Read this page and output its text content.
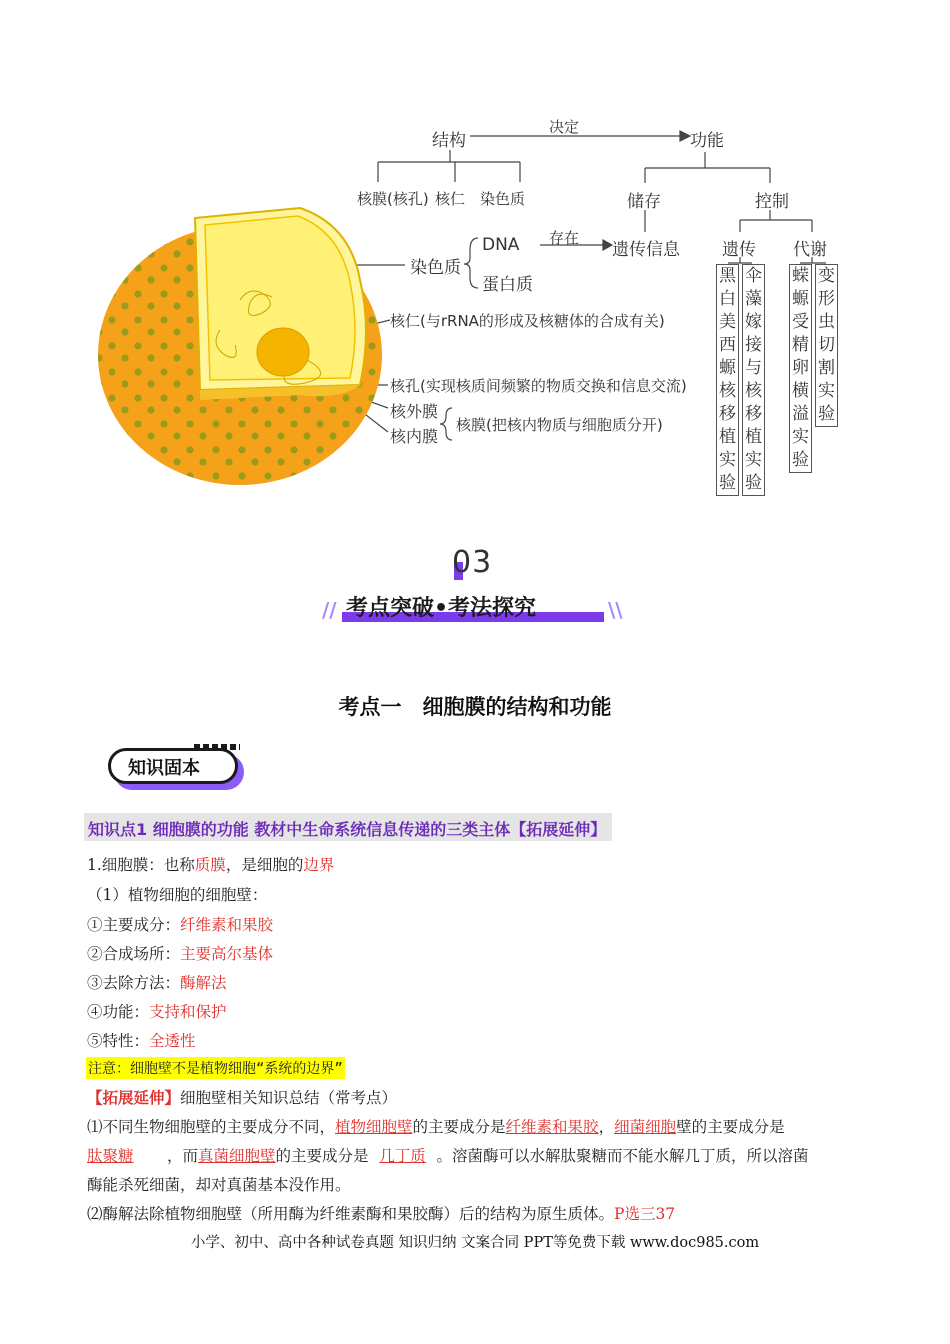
结构
决定
功能
核膜(核孔) 核仁 染色质	储存	控制
染色质
DNA
蛋白质
存在
遗传信息 遗传 代谢
核仁(与rRNA的形成及核糖体的合成有关)
核孔(实现核质间频繁的物质交换和信息交流)
核外膜
核内膜
核膜(把核内物质与细胞质分开)
黑
白
美
西
螈
核
移
植
实
验
伞
藻
嫁
接
与
核
移
植
实
验
蝾
螈
受
精
卵
横
溢
实
验
变
形
虫
切
割
实
验
03
//	\\
考点突破•考法探究
考点一　细胞膜的结构和功能
知识固本
知识点1 细胞膜的功能 教材中生命系统信息传递的三类主体【拓展延伸】
1.细胞膜：也称质膜，是细胞的边界
（1）植物细胞的细胞壁：
①主要成分：纤维素和果胶
②合成场所：主要高尔基体
③去除方法：酶解法
④功能：支持和保护
⑤特性：全透性
注意：细胞壁不是植物细胞“系统的边界”
【拓展延伸】细胞壁相关知识总结（常考点）
⑴不同生物细胞壁的主要成分不同，植物细胞壁的主要成分是纤维素和果胶，细菌细胞壁的主要成分是
肽聚糖 ，而真菌细胞壁的主要成分是 几丁质 。溶菌酶可以水解肽聚糖而不能水解几丁质，所以溶菌
酶能杀死细菌，却对真菌基本没作用。
⑵酶解法除植物细胞壁（所用酶为纤维素酶和果胶酶）后的结构为原生质体。P选三37
小学、初中、高中各种试卷真题 知识归纳 文案合同 PPT等免费下载 www.doc985.com
